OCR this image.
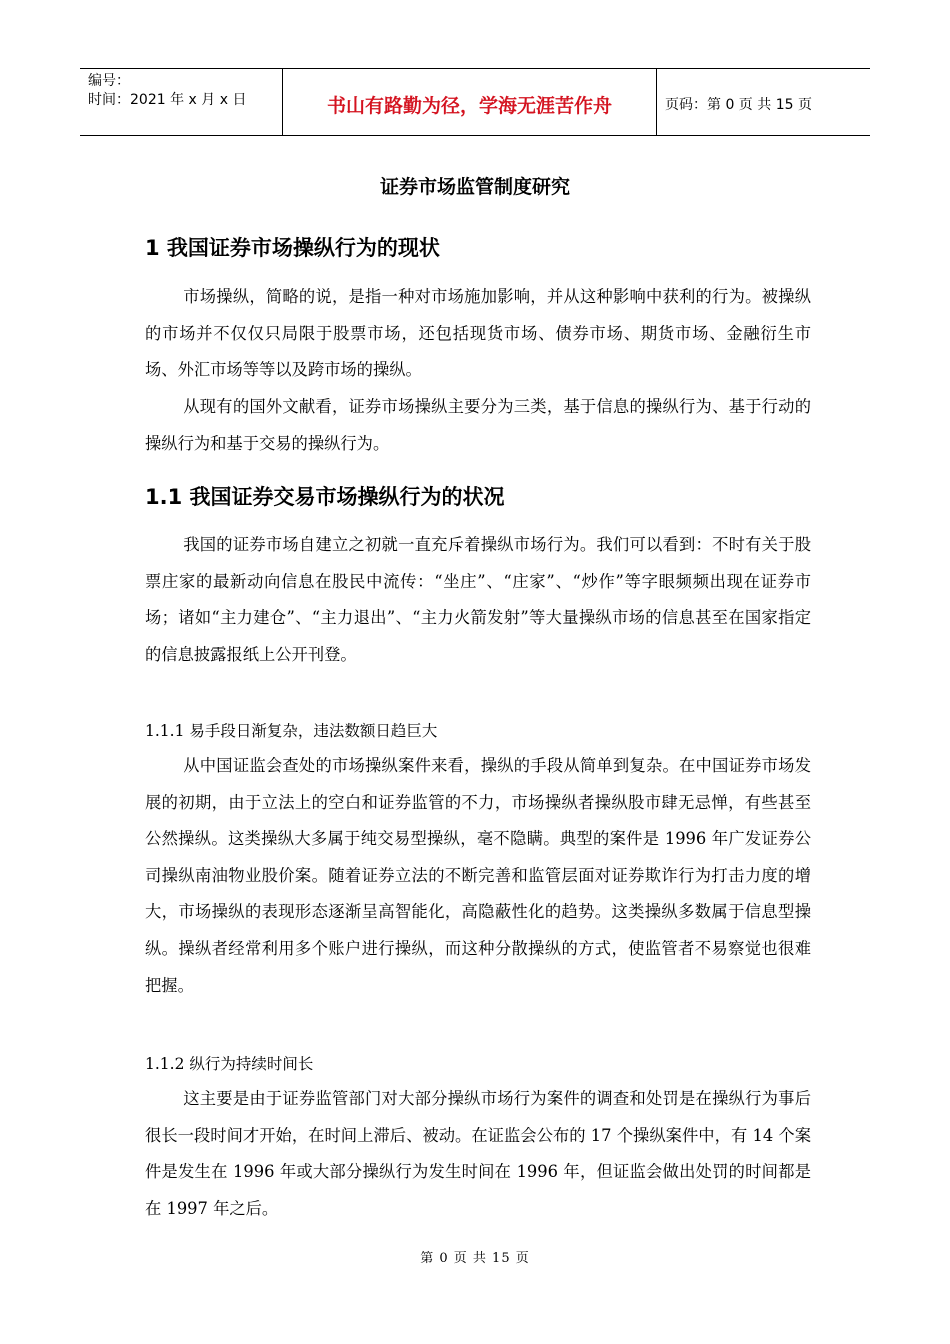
编号：
时间：2021 年 x 月 x 日	书山有路勤为径，学海无涯苦作舟	页码：第 0 页 共 15 页
证券市场监管制度研究
1 我国证券市场操纵行为的现状
市场操纵，简略的说，是指一种对市场施加影响，并从这种影响中获利的行为。被操纵的市场并不仅仅只局限于股票市场，还包括现货市场、债券市场、期货市场、金融衍生市场、外汇市场等等以及跨市场的操纵。
从现有的国外文献看，证券市场操纵主要分为三类，基于信息的操纵行为、基于行动的操纵行为和基于交易的操纵行为。
1.1 我国证券交易市场操纵行为的状况
我国的证券市场自建立之初就一直充斥着操纵市场行为。我们可以看到：不时有关于股票庄家的最新动向信息在股民中流传：“坐庄”、“庄家”、“炒作”等字眼频频出现在证券市场；诸如“主力建仓”、“主力退出”、“主力火箭发射”等大量操纵市场的信息甚至在国家指定的信息披露报纸上公开刊登。
1.1.1 易手段日渐复杂，违法数额日趋巨大
从中国证监会查处的市场操纵案件来看，操纵的手段从简单到复杂。在中国证券市场发展的初期，由于立法上的空白和证券监管的不力，市场操纵者操纵股市肆无忌惮，有些甚至公然操纵。这类操纵大多属于纯交易型操纵，毫不隐瞒。典型的案件是 1996 年广发证券公司操纵南油物业股价案。随着证券立法的不断完善和监管层面对证券欺诈行为打击力度的增大，市场操纵的表现形态逐渐呈高智能化，高隐蔽性化的趋势。这类操纵多数属于信息型操纵。操纵者经常利用多个账户进行操纵，而这种分散操纵的方式，使监管者不易察觉也很难把握。
1.1.2 纵行为持续时间长
这主要是由于证券监管部门对大部分操纵市场行为案件的调查和处罚是在操纵行为事后很长一段时间才开始，在时间上滞后、被动。在证监会公布的 17 个操纵案件中，有 14 个案件是发生在 1996 年或大部分操纵行为发生时间在 1996 年，但证监会做出处罚的时间都是在 1997 年之后。
第 0 页 共 15 页
